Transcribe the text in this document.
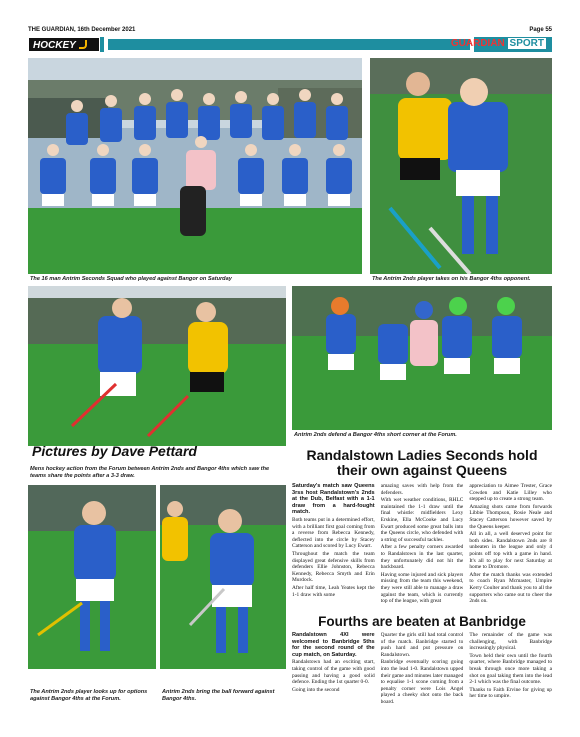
THE GUARDIAN, 16th December 2021	Page 55
HOCKEY	GUARDIAN SPORT
The 16 man Antrim Seconds Squad who played against Bangor on Saturday	The Antrim 2nds player takes on his Bangor 4ths opponent.
Antrim 2nds defend a Bangor 4ths short corner at the Forum.
Pictures by Dave Pettard
Mens hockey action from the Forum between Antrim 2nds and Bangor 4ths which saw the teams share the points after a 3-3 draw.
The Antrim 2nds player looks up for options against Bangor 4ths at the Forum.
Antrim 2nds bring the ball forward against Bangor 4ths.
Randalstown Ladies Seconds hold their own against Queens

Saturday's match saw Queens 3rss host Randalstown's 2nds at the Dub, Belfast with a 1-1 draw from a hard-fought match.

Both teams put in a determined effort, with a brilliant first goal coming from a reverse from Rebecca Kennedy, deflected into the circle by Stacey Catterson and scored by Lucy Ewart.

Throughout the match the team displayed great defensive skills from defenders Ellie Johnston, Rebecca Kennedy, Rebecca Smyth and Erin Murdock.

After half time, Leah Yeates kept the 1-1 draw with some

amazing saves with help from the defenders.

With wet weather conditions, RHLC maintained the 1-1 draw until the final whistle: midfielders Lexy Erskine, Ella McCooke and Lucy Ewart produced some great balls into the Queens circle, who defended with a string of successful tackles.

After a few penalty corners awarded to Randalstown in the last quarter, they unfortunately did not hit the backboard.

Having some injured and sick players missing from the team this weekend, they were still able to manage a draw against the team, which is currently top of the league, with great

appreciation to Aimee Trester, Grace Cowden and Katie Lilley who stepped up to create a strong team.

Amazing shots came from forwards Libbie Thompson, Rosie Neale and Stacey Catterson however saved by the Queens keeper.

All in all, a well deserved point for both sides. Randalstown 2nds are 8 unbeaten in the league and only 4 points off top with a game in hand. It's all to play for next Saturday at home to Dromore.

After the match thanks was extended to coach Ryan Mcmaster, Umpire Kerry Coulter and thank you to all the supporters who came out to cheer the 2nds on.

Fourths are beaten at Banbridge

Randalstown 4XI were welcomed to Banbridge 5ths for the second round of the cup match, on Saturday.

Randalstown had an exciting start, taking control of the game with good passing and having a good solid defence. Ending the 1st quarter 0-0.

Going into the second

Quarter the girls still had total control of the match. Banbridge started to push hard and put pressure on Randalstown.

Banbridge eventually scoring going into the lead 1-0. Randalstown upped their game and minutes later managed to equalise 1-1 scone coming from a penalty corner were Lois Angel played a cheeky shot onto the back board.

The remainder of the game was challenging, with Banbridge increasingly physical.

Town held their own until the fourth quarter, where Banbridge managed to break through once more taking a shot on goal taking them into the lead 2-1 which was the final outcome.

Thanks to Faith Ervine for giving up her time to umpire.
